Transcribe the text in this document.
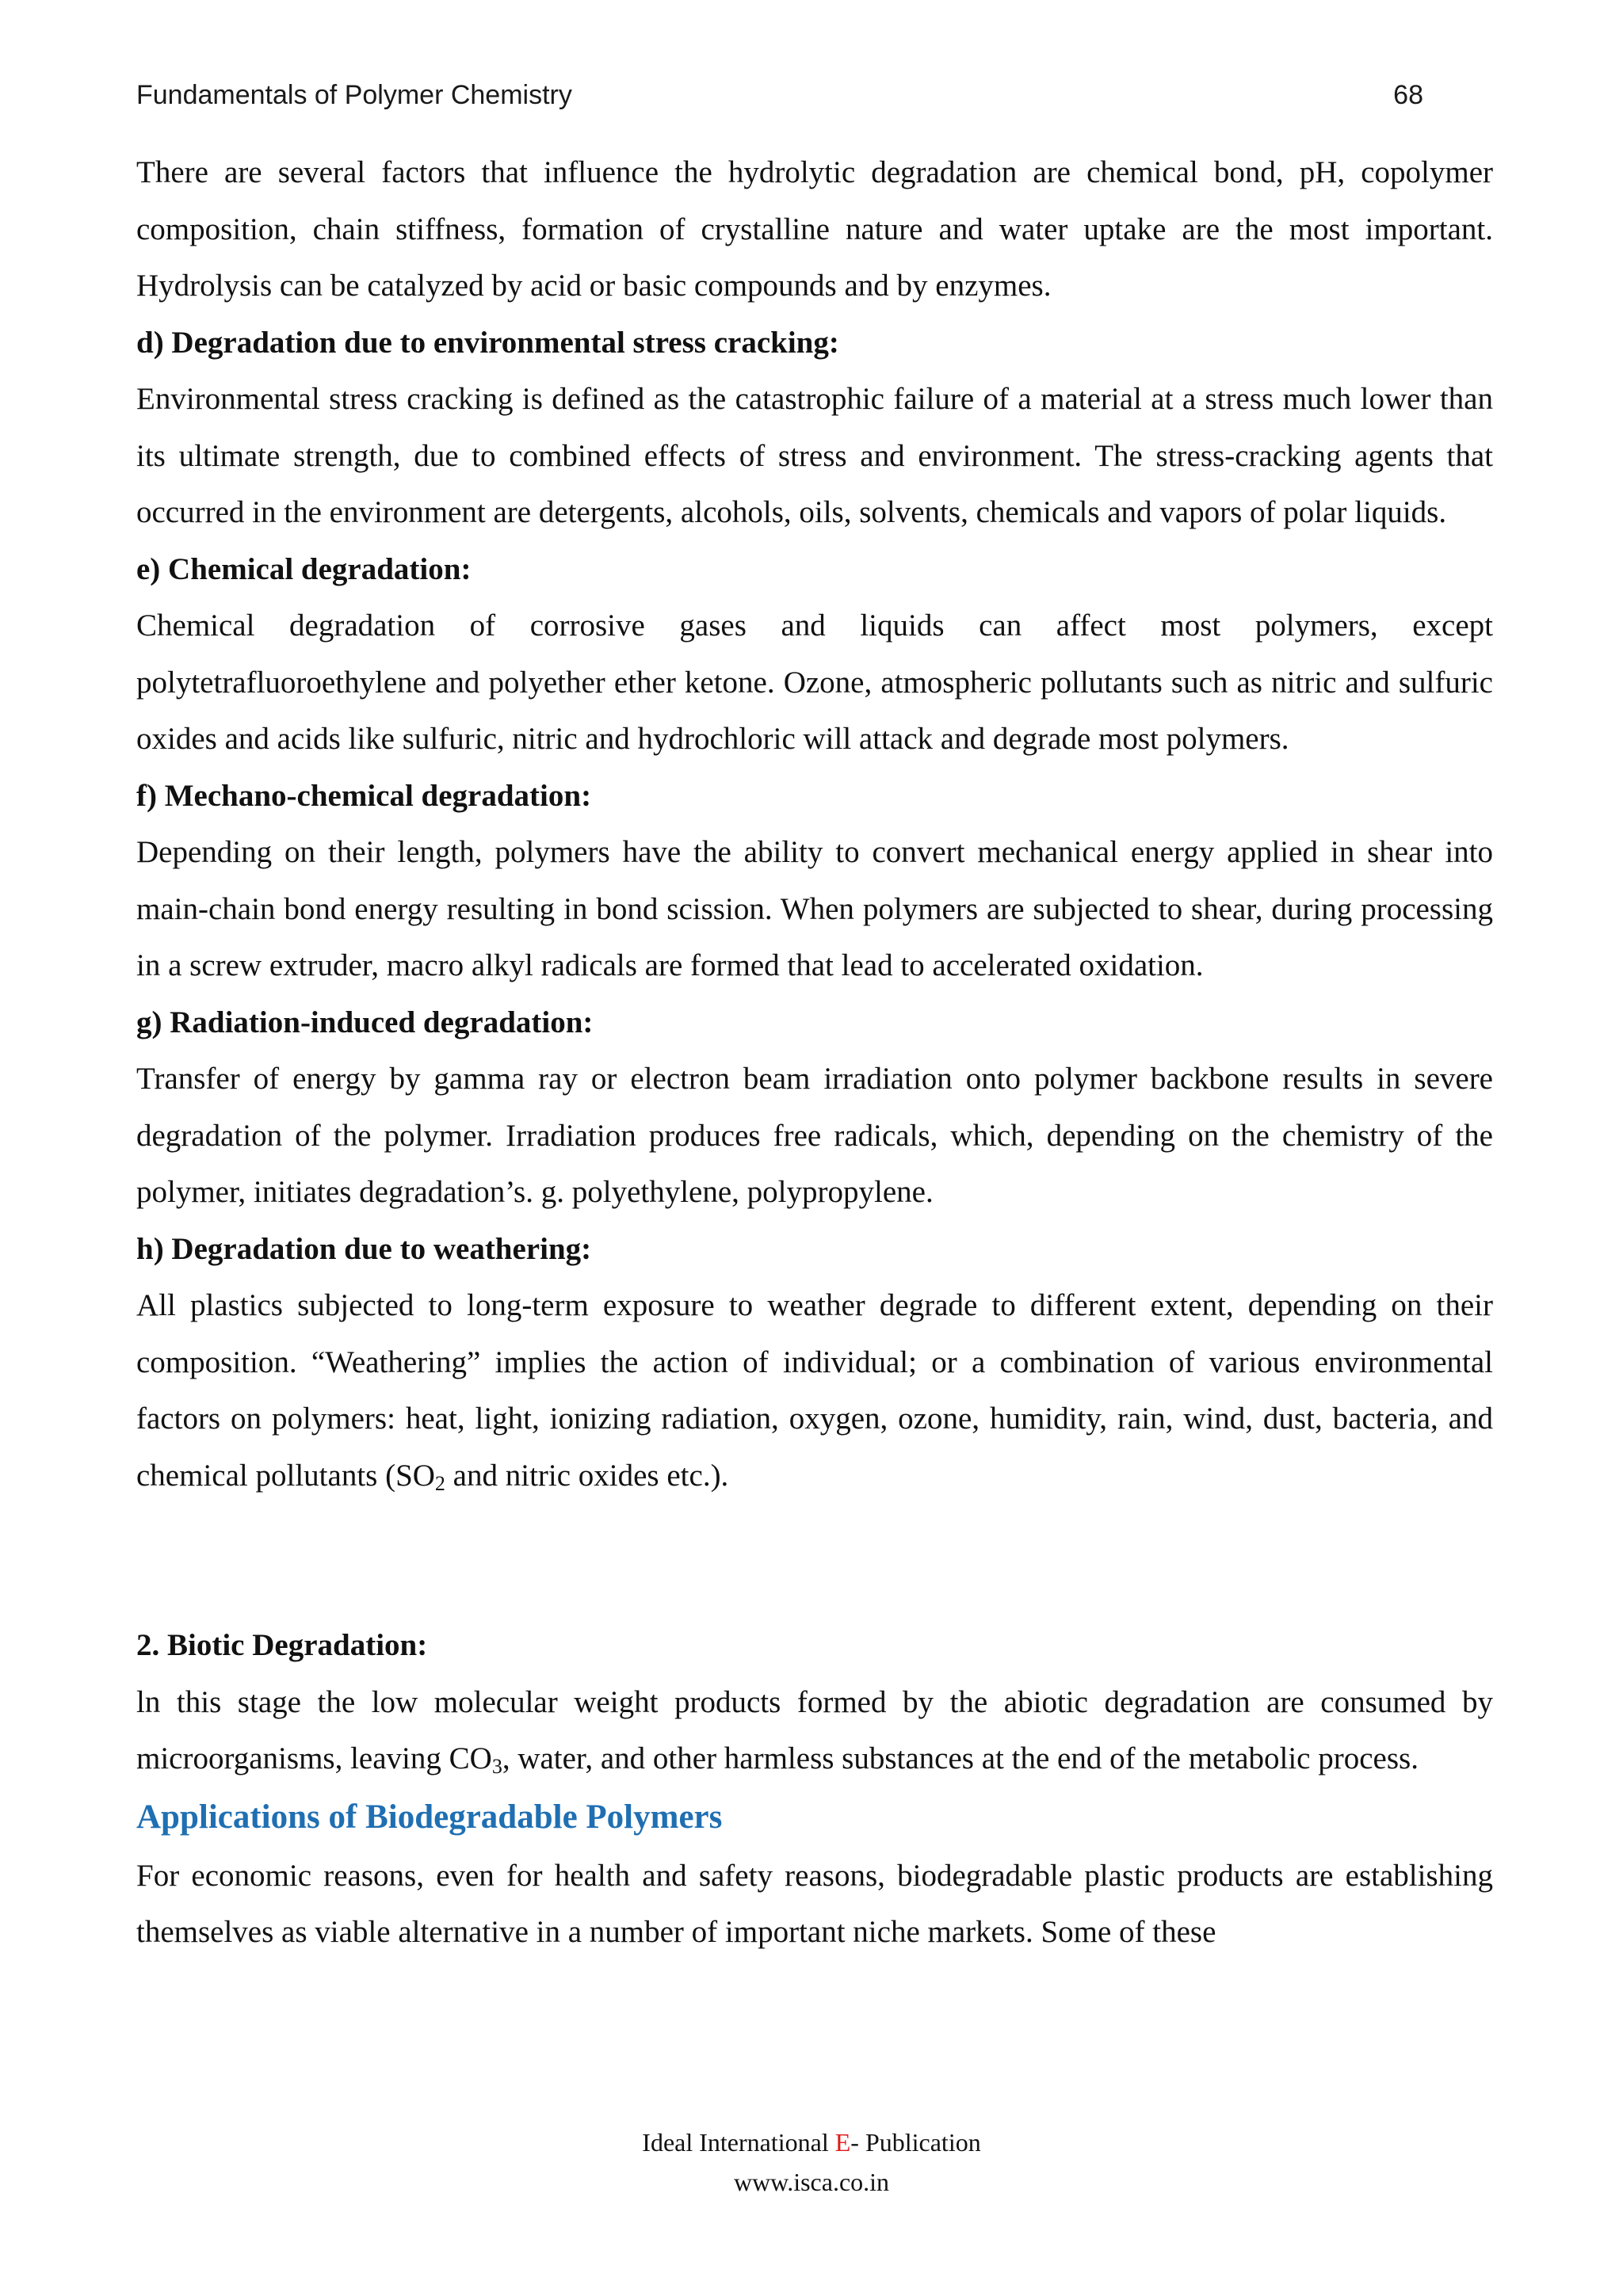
Fundamentals of Polymer Chemistry	68

There are several factors that influence the hydrolytic degradation are chemical bond, pH, copolymer composition, chain stiffness, formation of crystalline nature and water uptake are the most important. Hydrolysis can be catalyzed by acid or basic compounds and by enzymes.

d) Degradation due to environmental stress cracking:

Environmental stress cracking is defined as the catastrophic failure of a material at a stress much lower than its ultimate strength, due to combined effects of stress and environment. The stress-cracking agents that occurred in the environment are detergents, alcohols, oils, solvents, chemicals and vapors of polar liquids.

e) Chemical degradation:

Chemical degradation of corrosive gases and liquids can affect most polymers, except polytetrafluoroethylene and polyether ether ketone. Ozone, atmospheric pollutants such as nitric and sulfuric oxides and acids like sulfuric, nitric and hydrochloric will attack and degrade most polymers.

f) Mechano-chemical degradation:

Depending on their length, polymers have the ability to convert mechanical energy applied in shear into main-chain bond energy resulting in bond scission. When polymers are subjected to shear, during processing in a screw extruder, macro alkyl radicals are formed that lead to accelerated oxidation.

g) Radiation-induced degradation:

Transfer of energy by gamma ray or electron beam irradiation onto polymer backbone results in severe degradation of the polymer. Irradiation produces free radicals, which, depending on the chemistry of the polymer, initiates degradation’s. g. polyethylene, polypropylene.

h) Degradation due to weathering:

All plastics subjected to long-term exposure to weather degrade to different extent, depending on their composition. “Weathering” implies the action of individual; or a combination of various environmental factors on polymers: heat, light, ionizing radiation, oxygen, ozone, humidity, rain, wind, dust, bacteria, and chemical pollutants ($SO_2$ and nitric oxides etc.).

2. Biotic Degradation:

ln this stage the low molecular weight products formed by the abiotic degradation are consumed by microorganisms, leaving $CO_3$, water, and other harmless substances at the end of the metabolic process.

Applications of Biodegradable Polymers

For economic reasons, even for health and safety reasons, biodegradable plastic products are establishing themselves as viable alternative in a number of important niche markets. Some of these

Ideal International E- Publication
www.isca.co.in
